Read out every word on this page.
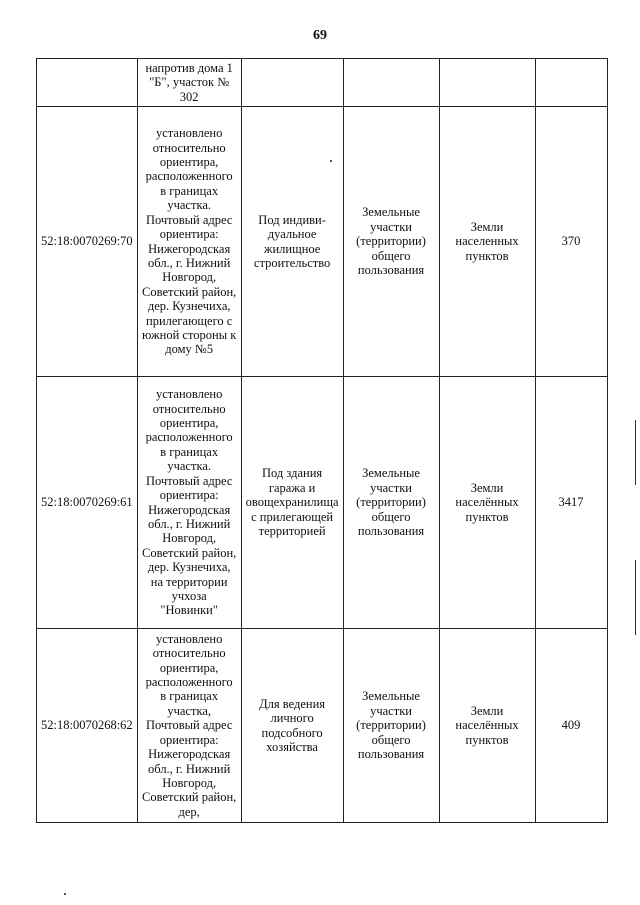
69
	напротив дома 1 "Б", участок № 302				
52:18:0070269:70	установлено относительно ориентира, расположенного в границах участка. Почтовый адрес ориентира: Нижегородская обл., г. Нижний Новгород, Советский район, дер. Кузнечиха, прилегающего с южной стороны к дому №5	Под индиви-дуальное жилищное строительство	Земельные участки (территории) общего пользования	Земли населенных пунктов	370
52:18:0070269:61	установлено относительно ориентира, расположенного в границах участка. Почтовый адрес ориентира: Нижегородская обл., г. Нижний Новгород, Советский район, дер. Кузнечиха, на территории учхоза "Новинки"	Под здания гаража и овощехранилища с прилегающей территорией	Земельные участки (территории) общего пользования	Земли населённых пунктов	3417
52:18:0070268:62	установлено относительно ориентира, расположенного в границах участка, Почтовый адрес ориентира: Нижегородская обл., г. Нижний Новгород, Советский район, дер,	Для ведения личного подсобного хозяйства	Земельные участки (территории) общего пользования	Земли населённых пунктов	409
